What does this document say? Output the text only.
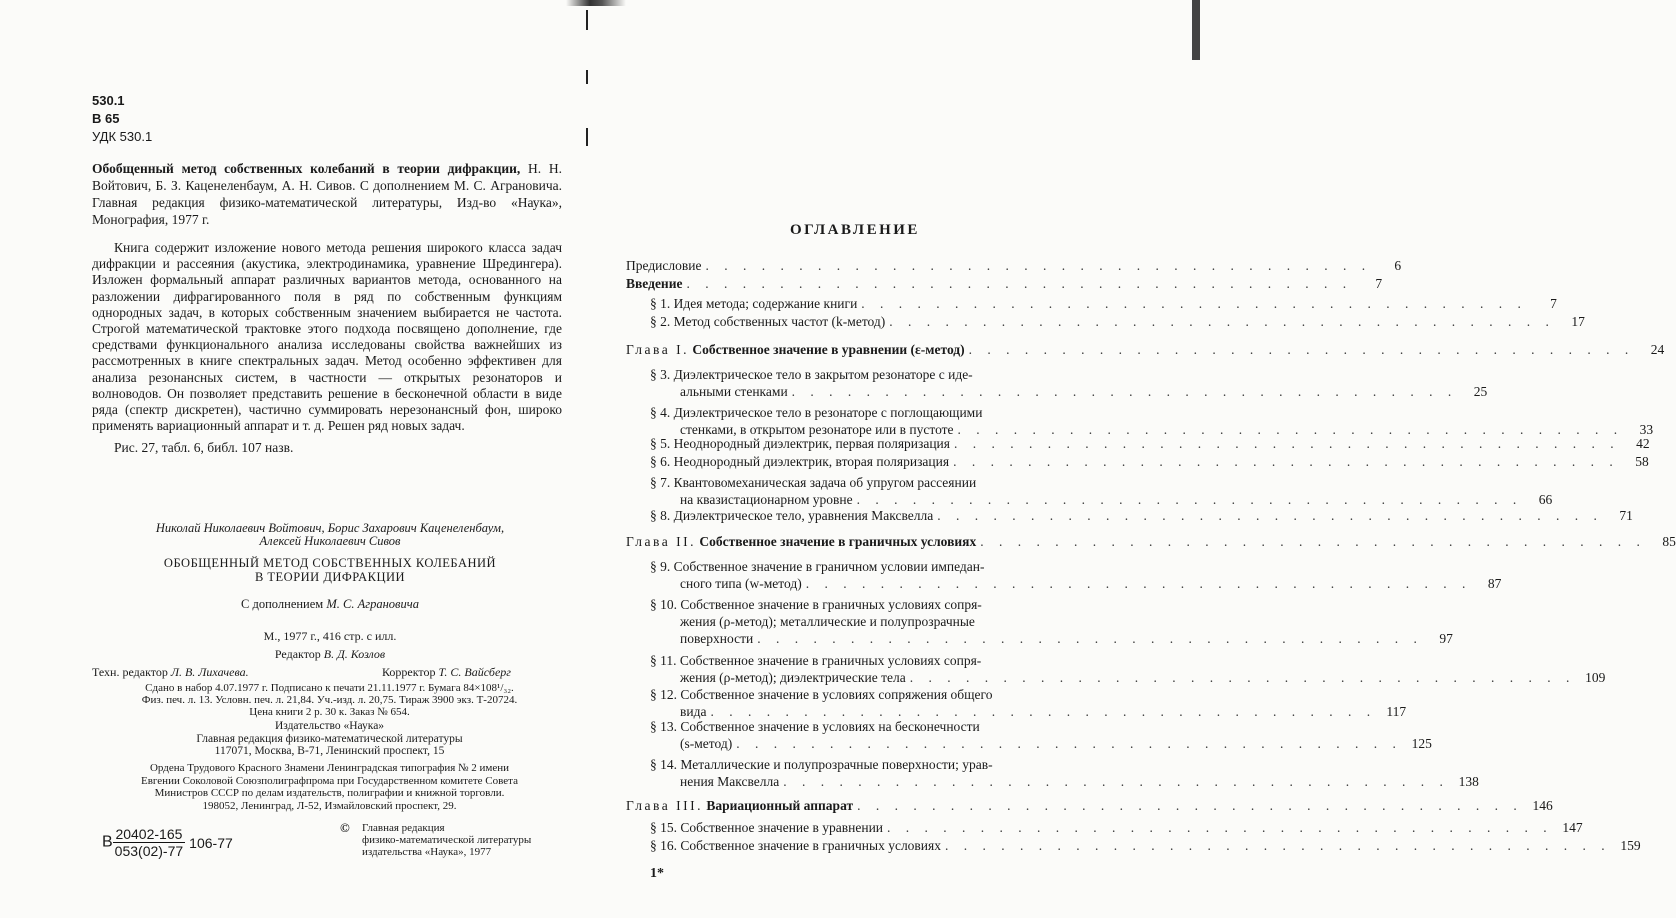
530.1
В 65
УДК 530.1
Обобщенный метод собственных колебаний в теории дифракции, Н. Н. Войтович, Б. З. Каценеленбаум, А. Н. Сивов. С дополнением М. С. Аграновича. Главная редакция физико-математической литературы, Изд-во «Наука», Монография, 1977 г.

Книга содержит изложение нового метода решения широкого класса задач дифракции и рассеяния (акустика, электродинамика, уравнение Шредингера). Изложен формальный аппарат различных вариантов метода, основанного на разложении дифрагированного поля в ряд по собственным функциям однородных задач, в которых собственным значением выбирается не частота. Строгой математической трактовке этого подхода посвящено дополнение, где средствами функционального анализа исследованы свойства важнейших из рассмотренных в книге спектральных задач. Метод особенно эффективен для анализа резонансных систем, в частности — открытых резонаторов и волноводов. Он позволяет представить решение в бесконечной области в виде ряда (спектр дискретен), частично суммировать нерезонансный фон, широко применять вариационный аппарат и т. д. Решен ряд новых задач.

Рис. 27, табл. 6, библ. 107 назв.
Николай Николаевич Войтович, Борис Захарович Каценеленбаум,
Алексей Николаевич Сивов
ОБОБЩЕННЫЙ МЕТОД СОБСТВЕННЫХ КОЛЕБАНИЙ
В ТЕОРИИ ДИФРАКЦИИ
С дополнением М. С. Аграновича
М., 1977 г., 416 стр. с илл.
Редактор В. Д. Козлов
Техн. редактор Л. В. Лихачева.	Корректор Т. С. Вайсберг
Сдано в набор 4.07.1977 г. Подписано к печати 21.11.1977 г. Бумага 84×108¹/₃₂.
Физ. печ. л. 13. Условн. печ. л. 21,84. Уч.-изд. л. 20,75. Тираж 3900 экз. Т-20724.
Цена книги 2 р. 30 к. Заказ № 654.
Издательство «Наука»
Главная редакция физико-математической литературы
117071, Москва, В-71, Ленинский проспект, 15
Ордена Трудового Красного Знамени Ленинградская типография № 2 имени
Евгении Соколовой Союзполиграфпрома при Государственном комитете Совета
Министров СССР по делам издательств, полиграфии и книжной торговли.
198052, Ленинград, Л-52, Измайловский проспект, 29.
В $\frac{20402-165}{053(02)-77} 106-77$
© Главная редакция
физико-математической литературы
издательства «Наука», 1977
ОГЛАВЛЕНИЕ
Предисловие . . . . . . . . . . . . . . . . . . . . . . . . . . . . . . . . . . . .	6
Введение . . . . . . . . . . . . . . . . . . . . . . . . . . . . . . . . . . . .	7
§ 1. Идея метода; содержание книги . . . . . . . . . . . . . . . . . . . . . . . . . . . . . . . . . . . .	7
§ 2. Метод собственных частот (k-метод) . . . . . . . . . . . . . . . . . . . . . . . . . . . . . . . . . . . .	17
Глава I. Собственное значение в уравнении (ε-метод) . . . . . . . . . . . . . . . . . . . . . . . . . . . . . . . . . . . .	24
§ 3. Диэлектрическое тело в закрытом резонаторе с иде-
альными стенками . . . . . . . . . . . . . . . . . . . . . . . . . . . . . . . . . . . .	25
§ 4. Диэлектрическое тело в резонаторе с поглощающими
стенками, в открытом резонаторе или в пустоте . . . . . . . . . . . . . . . . . . . . . . . . . . . . . . . . . . . .	33
§ 5. Неоднородный диэлектрик, первая поляризация . . . . . . . . . . . . . . . . . . . . . . . . . . . . . . . . . . . .	42
§ 6. Неоднородный диэлектрик, вторая поляризация . . . . . . . . . . . . . . . . . . . . . . . . . . . . . . . . . . . .	58
§ 7. Квантовомеханическая задача об упругом рассеянии
на квазистационарном уровне . . . . . . . . . . . . . . . . . . . . . . . . . . . . . . . . . . . .	66
§ 8. Диэлектрическое тело, уравнения Максвелла . . . . . . . . . . . . . . . . . . . . . . . . . . . . . . . . . . . .	71
Глава II. Собственное значение в граничных условиях . . . . . . . . . . . . . . . . . . . . . . . . . . . . . . . . . . . .	85
§ 9. Собственное значение в граничном условии импедан-
сного типа (w-метод) . . . . . . . . . . . . . . . . . . . . . . . . . . . . . . . . . . . .	87
§ 10. Собственное значение в граничных условиях сопря-
жения (ρ-метод); металлические и полупрозрачные
поверхности . . . . . . . . . . . . . . . . . . . . . . . . . . . . . . . . . . . .	97
§ 11. Собственное значение в граничных условиях сопря-
жения (ρ-метод); диэлектрические тела . . . . . . . . . . . . . . . . . . . . . . . . . . . . . . . . . . . . 109
§ 12. Собственное значение в условиях сопряжения общего
вида . . . . . . . . . . . . . . . . . . . . . . . . . . . . . . . . . . . . 117
§ 13. Собственное значение в условиях на бесконечности
(s-метод) . . . . . . . . . . . . . . . . . . . . . . . . . . . . . . . . . . . . 125
§ 14. Металлические и полупрозрачные поверхности; урав-
нения Максвелла . . . . . . . . . . . . . . . . . . . . . . . . . . . . . . . . . . . . 138
Глава III. Вариационный аппарат . . . . . . . . . . . . . . . . . . . . . . . . . . . . . . . . . . . . 146
§ 15. Собственное значение в уравнении . . . . . . . . . . . . . . . . . . . . . . . . . . . . . . . . . . . . 147
§ 16. Собственное значение в граничных условиях . . . . . . . . . . . . . . . . . . . . . . . . . . . . . . . . . . . . 159
1*
